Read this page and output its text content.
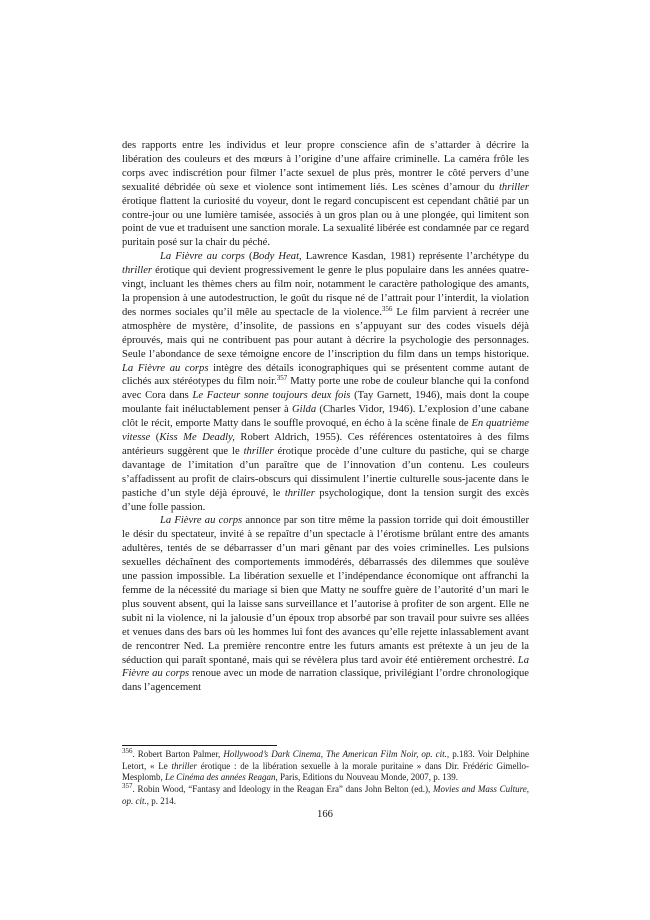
des rapports entre les individus et leur propre conscience afin de s’attarder à décrire la libération des couleurs et des mœurs à l’origine d’une affaire criminelle. La caméra frôle les corps avec indiscrétion pour filmer l’acte sexuel de plus près, montrer le côté pervers d’une sexualité débridée où sexe et violence sont intimement liés. Les scènes d’amour du thriller érotique flattent la curiosité du voyeur, dont le regard concupiscent est cependant châtié par un contre-jour ou une lumière tamisée, associés à un gros plan ou à une plongée, qui limitent son point de vue et traduisent une sanction morale. La sexualité libérée est condamnée par ce regard puritain posé sur la chair du péché.

La Fièvre au corps (Body Heat, Lawrence Kasdan, 1981) représente l’archétype du thriller érotique qui devient progressivement le genre le plus populaire dans les années quatre-vingt, incluant les thèmes chers au film noir, notamment le caractère pathologique des amants, la propension à une autodestruction, le goût du risque né de l’attrait pour l’interdit, la violation des normes sociales qu’il mêle au spectacle de la violence.$^{356}$ Le film parvient à recréer une atmosphère de mystère, d’insolite, de passions en s’appuyant sur des codes visuels déjà éprouvés, mais qui ne contribuent pas pour autant à décrire la psychologie des personnages. Seule l’abondance de sexe témoigne encore de l’inscription du film dans un temps historique. La Fièvre au corps intègre des détails iconographiques qui se présentent comme autant de clichés aux stéréotypes du film noir.$^{357}$ Matty porte une robe de couleur blanche qui la confond avec Cora dans Le Facteur sonne toujours deux fois (Tay Garnett, 1946), mais dont la coupe moulante fait inéluctablement penser à Gilda (Charles Vidor, 1946). L’explosion d’une cabane clôt le récit, emporte Matty dans le souffle provoqué, en écho à la scène finale de En quatrième vitesse (Kiss Me Deadly, Robert Aldrich, 1955). Ces références ostentatoires à des films antérieurs suggèrent que le thriller érotique procède d’une culture du pastiche, qui se charge davantage de l’imitation d’un paraître que de l’innovation d’un contenu. Les couleurs s’affadissent au profit de clairs-obscurs qui dissimulent l’inertie culturelle sous-jacente dans le pastiche d’un style déjà éprouvé, le thriller psychologique, dont la tension surgit des excès d’une folle passion.

La Fièvre au corps annonce par son titre même la passion torride qui doit émoustiller le désir du spectateur, invité à se repaître d’un spectacle à l’érotisme brûlant entre des amants adultères, tentés de se débarrasser d’un mari gênant par des voies criminelles. Les pulsions sexuelles déchaînent des comportements immodérés, débarrassés des dilemmes que soulève une passion impossible. La libération sexuelle et l’indépendance économique ont affranchi la femme de la nécessité du mariage si bien que Matty ne souffre guère de l’autorité d’un mari le plus souvent absent, qui la laisse sans surveillance et l’autorise à profiter de son argent. Elle ne subit ni la violence, ni la jalousie d’un époux trop absorbé par son travail pour suivre ses allées et venues dans des bars où les hommes lui font des avances qu’elle rejette inlassablement avant de rencontrer Ned. La première rencontre entre les futurs amants est prétexte à un jeu de la séduction qui paraît spontané, mais qui se révèlera plus tard avoir été entièrement orchestré. La Fièvre au corps renoue avec un mode de narration classique, privilégiant l’ordre chronologique dans l’agencement

$^{356}$. Robert Barton Palmer, Hollywood’s Dark Cinema, The American Film Noir, op. cit., p.183. Voir Delphine Letort, « Le thriller érotique : de la libération sexuelle à la morale puritaine » dans Dir. Frédéric Gimello-Mesplomb, Le Cinéma des années Reagan, Paris, Editions du Nouveau Monde, 2007, p. 139.

$^{357}$. Robin Wood, “Fantasy and Ideology in the Reagan Era” dans John Belton (ed.), Movies and Mass Culture, op. cit., p. 214.

166
